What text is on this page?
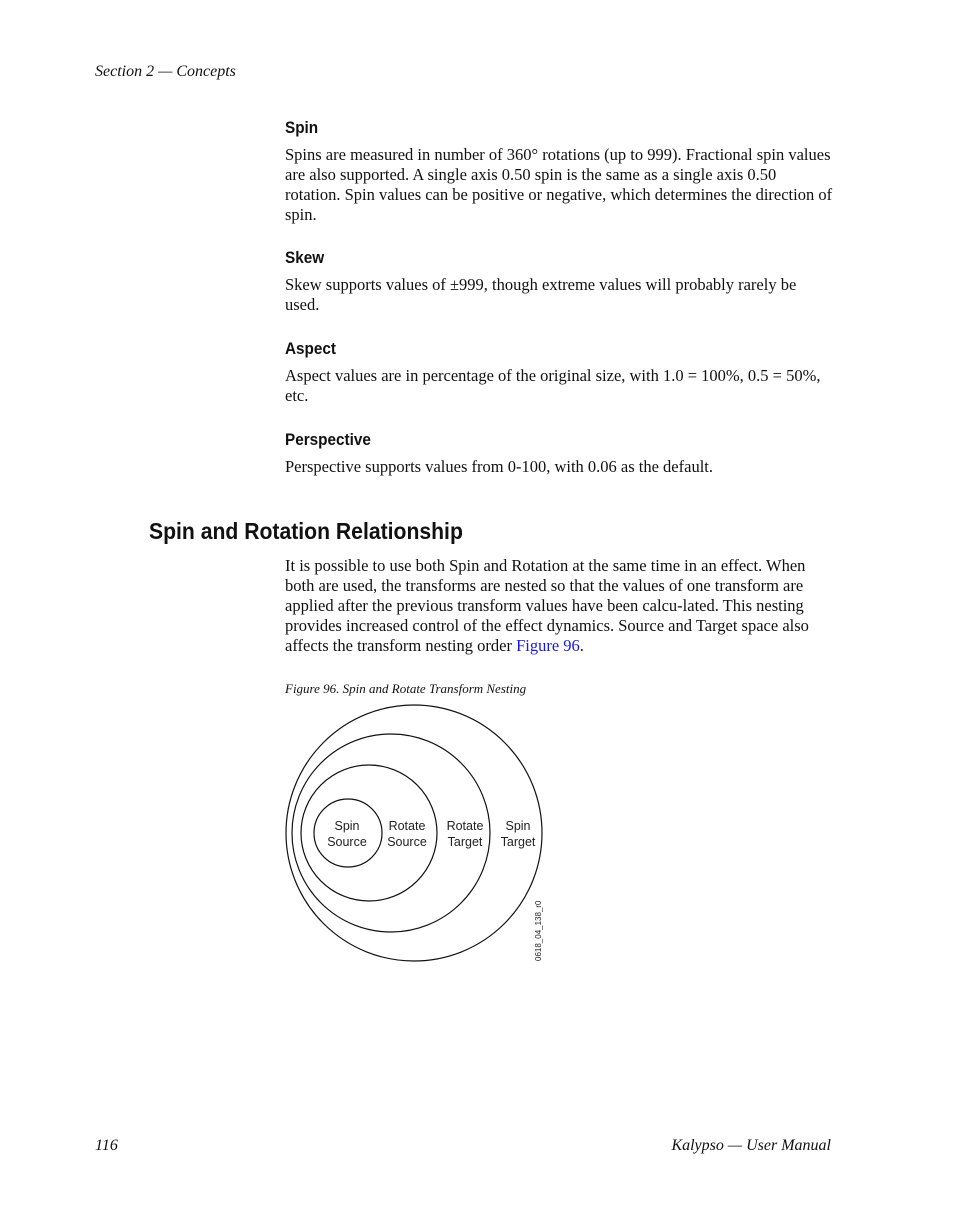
Section 2 — Concepts
Spin

Spins are measured in number of 360° rotations (up to 999). Fractional spin values are also supported. A single axis 0.50 spin is the same as a single axis 0.50 rotation. Spin values can be positive or negative, which determines the direction of spin.

Skew

Skew supports values of ±999, though extreme values will probably rarely be used.

Aspect

Aspect values are in percentage of the original size, with 1.0 = 100%, 0.5 = 50%, etc.

Perspective

Perspective supports values from 0-100, with 0.06 as the default.

Spin and Rotation Relationship

It is possible to use both Spin and Rotation at the same time in an effect. When both are used, the transforms are nested so that the values of one transform are applied after the previous transform values have been calcu-lated. This nesting provides increased control of the effect dynamics. Source and Target space also affects the transform nesting order Figure 96.

Figure 96. Spin and Rotate Transform Nesting
Spin
Source
Rotate
Source
Rotate
Target
Spin
Target
0618_04_138_r0
116	Kalypso — User Manual
